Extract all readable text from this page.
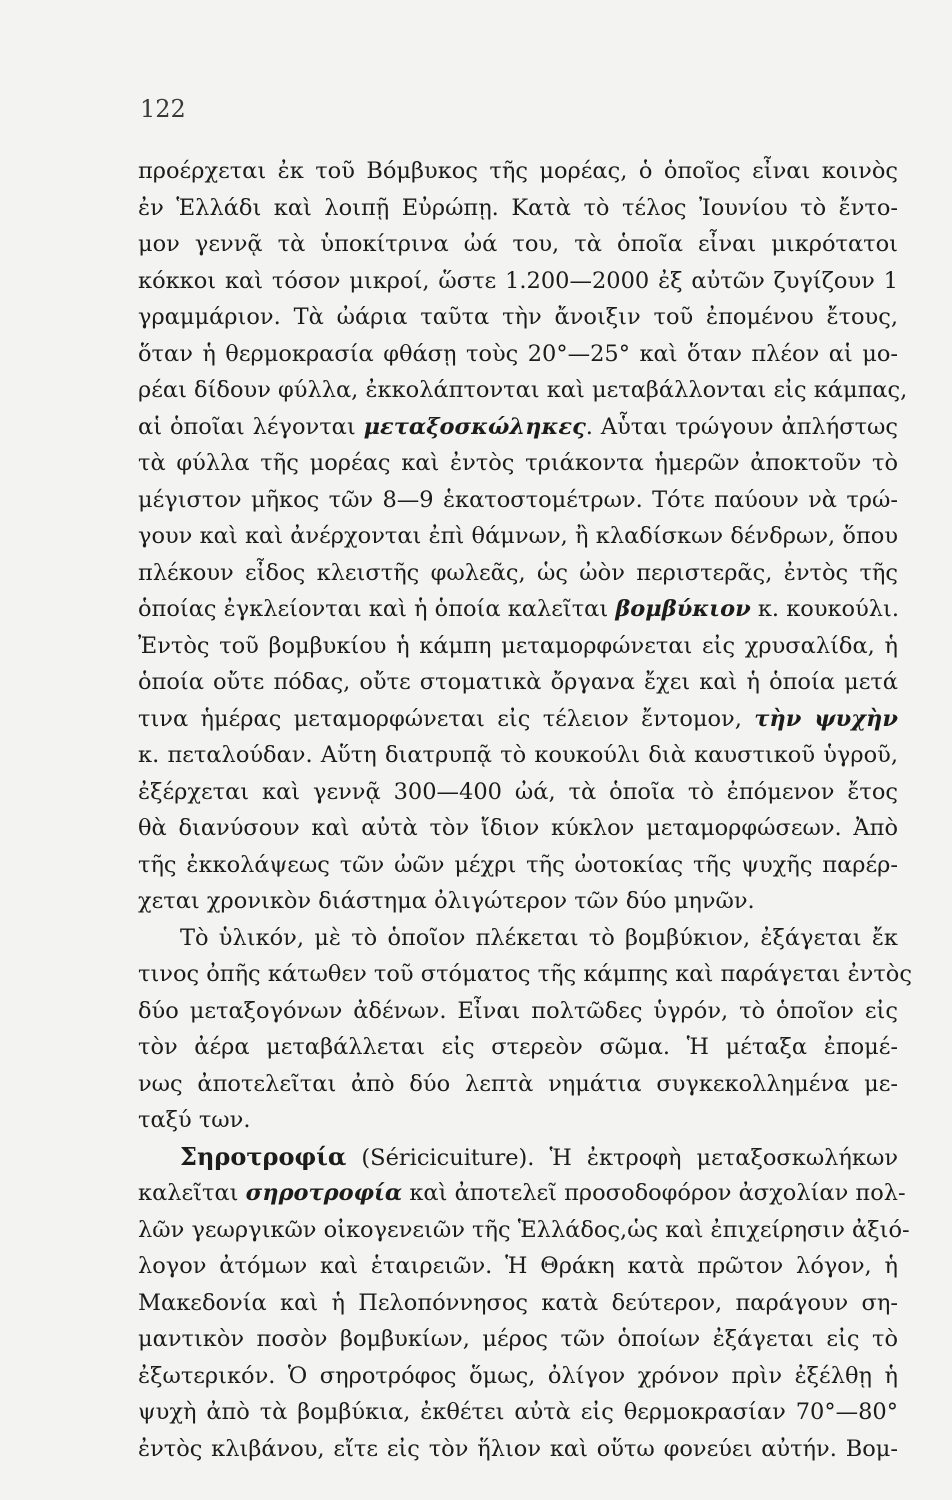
122
προέρχεται ἐκ τοῦ Βόμβυκος τῆς μορέας, ὁ ὁποῖος εἶναι κοινὸς
ἐν Ἑλλάδι καὶ λοιπῇ Εὐρώπῃ. Κατὰ τὸ τέλος Ἰουνίου τὸ ἔντο-
μον γεννᾷ τὰ ὑποκίτρινα ὠά του, τὰ ὁποῖα εἶναι μικρότατοι
κόκκοι καὶ τόσον μικροί, ὥστε 1.200—2000 ἐξ αὐτῶν ζυγίζουν 1
γραμμάριον. Τὰ ὠάρια ταῦτα τὴν ἄνοιξιν τοῦ ἐπομένου ἔτους,
ὅταν ἡ θερμοκρασία φθάσῃ τοὺς 20°—25° καὶ ὅταν πλέον αἱ μο-
ρέαι δίδουν φύλλα, ἐκκολάπτονται καὶ μεταβάλλονται εἰς κάμπας,
αἱ ὁποῖαι λέγονται μεταξοσκώληκες. Αὗται τρώγουν ἀπλήστως
τὰ φύλλα τῆς μορέας καὶ ἐντὸς τριάκοντα ἡμερῶν ἀποκτοῦν τὸ
μέγιστον μῆκος τῶν 8—9 ἑκατοστομέτρων. Τότε παύουν νὰ τρώ-
γουν καὶ καὶ ἀνέρχονται ἐπὶ θάμνων, ἢ κλαδίσκων δένδρων, ὅπου
πλέκουν εἶδος κλειστῆς φωλεᾶς, ὡς ὠὸν περιστερᾶς, ἐντὸς τῆς
ὁποίας ἐγκλείονται καὶ ἡ ὁποία καλεῖται βομβύκιον κ. κουκούλι.
Ἐντὸς τοῦ βομβυκίου ἡ κάμπη μεταμορφώνεται εἰς χρυσαλίδα, ἡ
ὁποία οὔτε πόδας, οὔτε στοματικὰ ὄργανα ἔχει καὶ ἡ ὁποία μετά
τινα ἡμέρας μεταμορφώνεται εἰς τέλειον ἔντομον, τὴν ψυχὴν
κ. πεταλούδαν. Αὕτη διατρυπᾷ τὸ κουκούλι διὰ καυστικοῦ ὑγροῦ,
ἐξέρχεται καὶ γεννᾷ 300—400 ὠά, τὰ ὁποῖα τὸ ἐπόμενον ἔτος
θὰ διανύσουν καὶ αὐτὰ τὸν ἴδιον κύκλον μεταμορφώσεων. Ἀπὸ
τῆς ἐκκολάψεως τῶν ὠῶν μέχρι τῆς ὠοτοκίας τῆς ψυχῆς παρέρ-
χεται χρονικὸν διάστημα ὀλιγώτερον τῶν δύο μηνῶν.
Τὸ ὑλικόν, μὲ τὸ ὁποῖον πλέκεται τὸ βομβύκιον, ἐξάγεται ἔκ
τινος ὀπῆς κάτωθεν τοῦ στόματος τῆς κάμπης καὶ παράγεται ἐντὸς
δύο μεταξογόνων ἀδένων. Εἶναι πολτῶδες ὑγρόν, τὸ ὁποῖον εἰς
τὸν ἀέρα μεταβάλλεται εἰς στερεὸν σῶμα. Ἡ μέταξα ἐπομέ-
νως ἀποτελεῖται ἀπὸ δύο λεπτὰ νημάτια συγκεκολλημένα με-
ταξύ των.
Σηροτροφία (Séricicuiture). Ἡ ἐκτροφὴ μεταξοσκωλήκων
καλεῖται σηροτροφία καὶ ἀποτελεῖ προσοδοφόρον ἀσχολίαν πολ-
λῶν γεωργικῶν οἰκογενειῶν τῆς Ἑλλάδος,ὡς καὶ ἐπιχείρησιν ἀξιό-
λογον ἀτόμων καὶ ἑταιρειῶν. Ἡ Θράκη κατὰ πρῶτον λόγον, ἡ
Μακεδονία καὶ ἡ Πελοπόννησος κατὰ δεύτερον, παράγουν ση-
μαντικὸν ποσὸν βομβυκίων, μέρος τῶν ὁποίων ἐξάγεται εἰς τὸ
ἐξωτερικόν. Ὁ σηροτρόφος ὅμως, ὀλίγον χρόνον πρὶν ἐξέλθῃ ἡ
ψυχὴ ἀπὸ τὰ βομβύκια, ἐκθέτει αὐτὰ εἰς θερμοκρασίαν 70°—80°
ἐντὸς κλιβάνου, εἴτε εἰς τὸν ἥλιον καὶ οὕτω φονεύει αὐτήν. Βομ-
